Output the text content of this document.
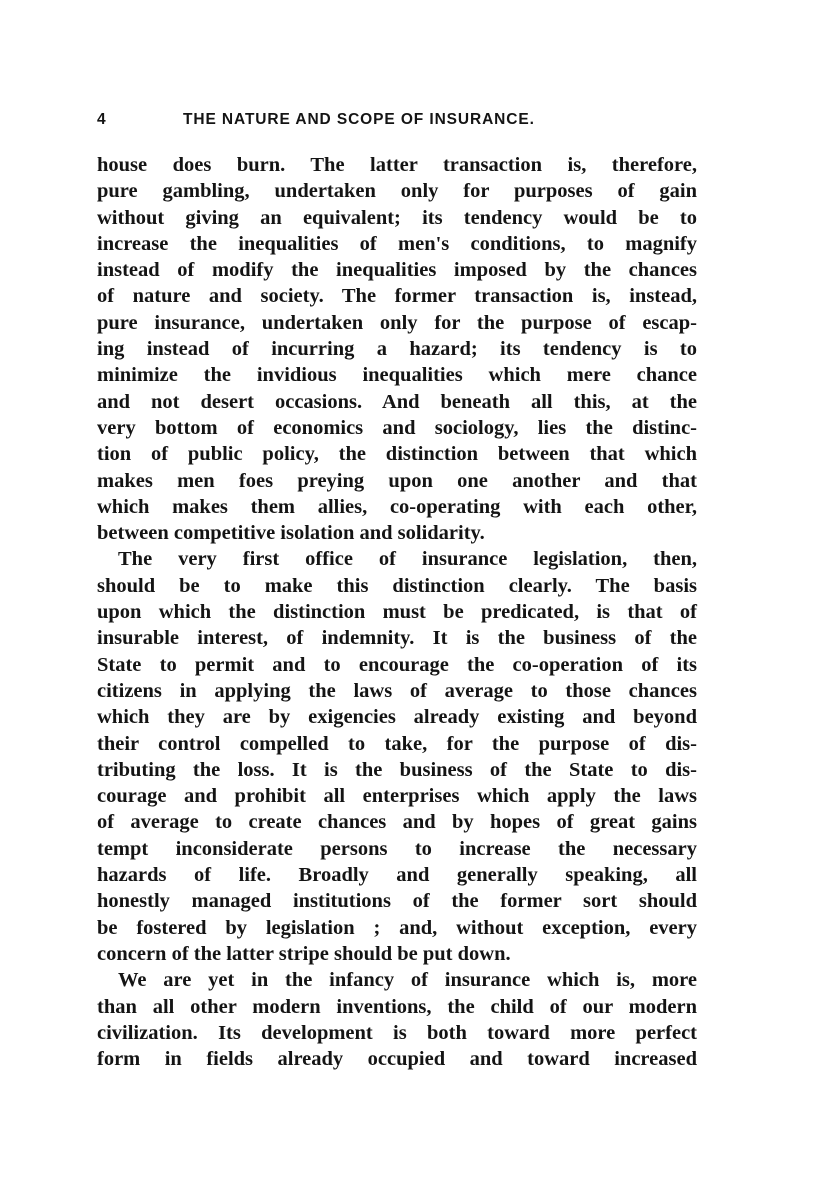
4	THE NATURE AND SCOPE OF INSURANCE.
house does burn. The latter transaction is, therefore,
pure gambling, undertaken only for purposes of gain
without giving an equivalent; its tendency would be to
increase the inequalities of men's conditions, to magnify
instead of modify the inequalities imposed by the chances
of nature and society. The former transaction is, instead,
pure insurance, undertaken only for the purpose of escap-
ing instead of incurring a hazard; its tendency is to
minimize the invidious inequalities which mere chance
and not desert occasions. And beneath all this, at the
very bottom of economics and sociology, lies the distinc-
tion of public policy, the distinction between that which
makes men foes preying upon one another and that
which makes them allies, co-operating with each other,
between competitive isolation and solidarity.
The very first office of insurance legislation, then,
should be to make this distinction clearly. The basis
upon which the distinction must be predicated, is that of
insurable interest, of indemnity. It is the business of the
State to permit and to encourage the co-operation of its
citizens in applying the laws of average to those chances
which they are by exigencies already existing and beyond
their control compelled to take, for the purpose of dis-
tributing the loss. It is the business of the State to dis-
courage and prohibit all enterprises which apply the laws
of average to create chances and by hopes of great gains
tempt inconsiderate persons to increase the necessary
hazards of life. Broadly and generally speaking, all
honestly managed institutions of the former sort should
be fostered by legislation ; and, without exception, every
concern of the latter stripe should be put down.
We are yet in the infancy of insurance which is, more
than all other modern inventions, the child of our modern
civilization. Its development is both toward more perfect
form in fields already occupied and toward increased
